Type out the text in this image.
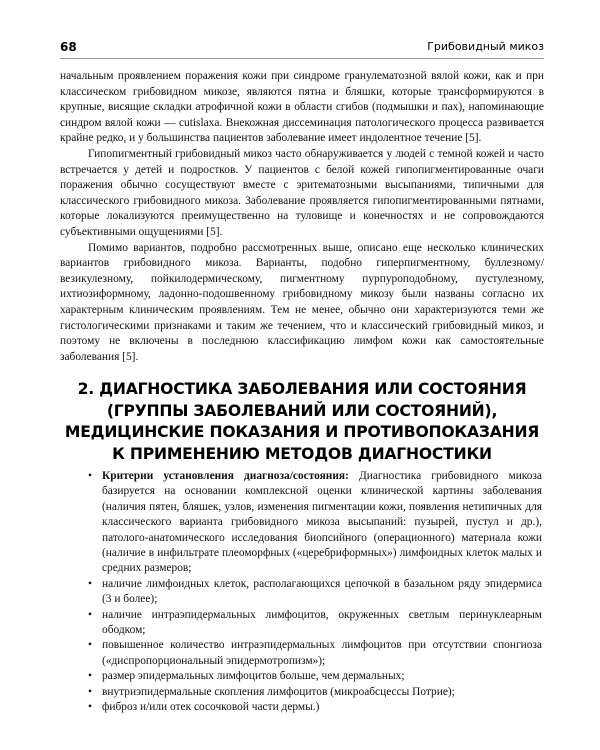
68	Грибовидный микоз

начальным проявлением поражения кожи при синдроме гранулематозной вялой кожи, как и при классическом грибовидном микозе, являются пятна и бляшки, которые трансформируются в крупные, висящие складки атрофичной кожи в области сгибов (подмышки и пах), напоминающие синдром вялой кожи — cutislaxa. Внекожная диссеминация патологического процесса развивается крайне редко, и у большинства пациентов заболевание имеет индолентное течение [5].

Гипопигментный грибовидный микоз часто обнаруживается у людей с темной кожей и часто встречается у детей и подростков. У пациентов с белой кожей гипопигментированные очаги поражения обычно сосуществуют вместе с эритематозными высыпаниями, типичными для классического грибовидного микоза. Заболевание проявляется гипопигментированными пятнами, которые локализуются преимущественно на туловище и конечностях и не сопровождаются субъективными ощущениями [5].

Помимо вариантов, подробно рассмотренных выше, описано еще несколько клинических вариантов грибовидного микоза. Варианты, подобно гиперпигментному, буллезному/везикулезному, пойкилодермическому, пигментному пурпуроподобному, пустулезному, ихтиозиформному, ладонно-подошвенному грибовидному микозу были названы согласно их характерным клиническим проявлениям. Тем не менее, обычно они характеризуются теми же гистологическими признаками и таким же течением, что и классический грибовидный микоз, и поэтому не включены в последнюю классификацию лимфом кожи как самостоятельные заболевания [5].

2. ДИАГНОСТИКА ЗАБОЛЕВАНИЯ ИЛИ СОСТОЯНИЯ
(ГРУППЫ ЗАБОЛЕВАНИЙ ИЛИ СОСТОЯНИЙ),
МЕДИЦИНСКИЕ ПОКАЗАНИЯ И ПРОТИВОПОКАЗАНИЯ
К ПРИМЕНЕНИЮ МЕТОДОВ ДИАГНОСТИКИ
• Критерии установления диагноза/состояния: Диагностика грибовидного микоза базируется на основании комплексной оценки клинической картины заболевания (наличия пятен, бляшек, узлов, изменения пигментации кожи, появления нетипичных для классического варианта грибовидного микоза высыпаний: пузырей, пустул и др.), патолого-анатомического исследования биопсийного (операционного) материала кожи (наличие в инфильтрате плеоморфных («церебриформных») лимфоидных клеток малых и средних размеров;
• наличие лимфоидных клеток, располагающихся цепочкой в базальном ряду эпидермиса (3 и более);
• наличие интраэпидермальных лимфоцитов, окруженных светлым перинуклеарным ободком;
• повышенное количество интраэпидермальных лимфоцитов при отсутствии спонгиоза («диспропорциональный эпидермотропизм»);
• размер эпидермальных лимфоцитов больше, чем дермальных;
• внутриэпидермальные скопления лимфоцитов (микроабсцессы Потрие);
• фиброз и/или отек сосочковой части дермы.)
